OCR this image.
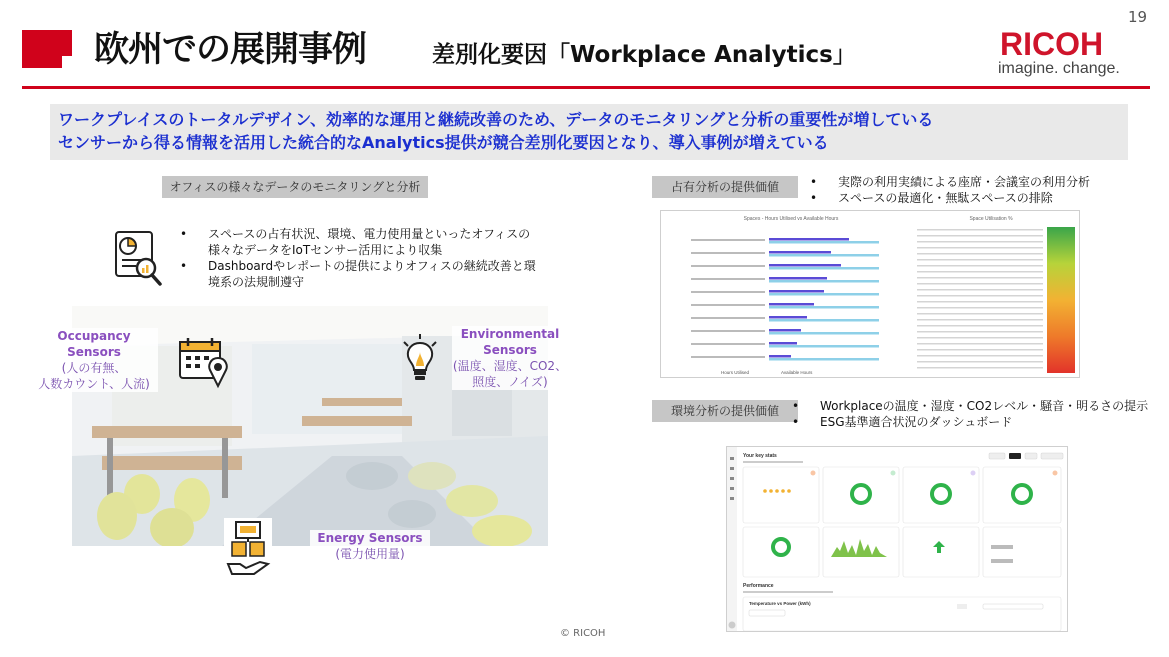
欧州での展開事例	差別化要因「Workplace Analytics」
19
RICOH
imagine. change.

ワークプレイスのトータルデザイン、効率的な運用と継続改善のため、データのモニタリングと分析の重要性が増している

センサーから得る情報を活用した統合的なAnalytics提供が競合差別化要因となり、導入事例が増えている

オフィスの様々なデータのモニタリングと分析
• スペースの占有状況、環境、電力使用量といったオフィスの様々なデータをIoTセンサー活用により収集
• Dashboardやレポートの提供によりオフィスの継続改善と環境系の法規制遵守
Occupancy Sensors
(人の有無、
人数カウント、人流)
Environmental
Sensors
(温度、湿度、CO2、
照度、ノイズ)
Energy Sensors
(電力使用量)
占有分析の提供価値	• 実際の利用実績による座席・会議室の利用分析
• スペースの最適化・無駄スペースの排除
Spaces - Hours Utilised vs Available Hours
Hours Utilised	Available Hours
Space Utilisation %
環境分析の提供価値	• Workplaceの温度・湿度・CO2レベル・騒音・明るさの提示
• ESG基準適合状況のダッシュボード
Your key stats
Performance
Temperature vs Power (kWh)
© RICOH
